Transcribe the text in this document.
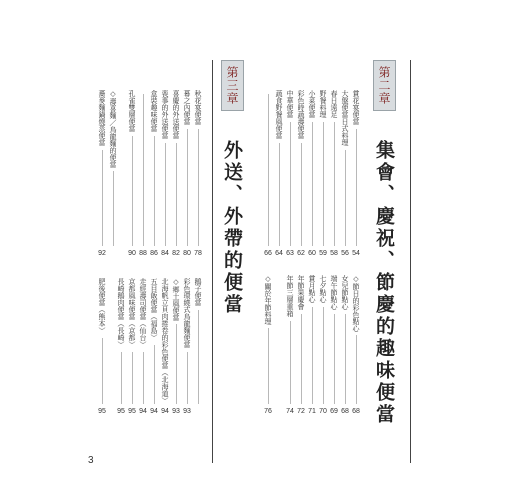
3
第二章 集會、慶祝、節慶的趣味便當
第三章 外送、外帶的便當
賞花宴便當
54
大盤便當日式料理
56
春日遠足
58
野餐料理
59
小菜便當
60
彩色時蔬壽便當
62
中華便當
63
蔬食野餐風便當
64
66
◇節日的彩色點心
68
女兒節點心
68
端午節點心
69
七夕點心
70
賞月點心
71
年節果慶會
72
年節三層重箱
74
◇關於年節料理
76
秋花宴便當
78
幕之內便當
80
喜慶的外送便當
82
喪事的外送便當
84
盒裝趣味便當
86
88
孔雀雙層便當
90
◇壽喜麵／烏龍麵的便當
蕎麥麵鍋燒蒸便當
92
鵝子便當
彩色環繞式烏龍麵便當
93
◇鄉土風便當
93
北海帆立貝肉捲卷的彩色便當（北海道）
94
五目飯便當（福島）
94
走經壽司便當（仙台）
94
京都風味便當（京都）
95
長崎鵝肉便當（長崎）
95
肥後便當（熊本）
95
